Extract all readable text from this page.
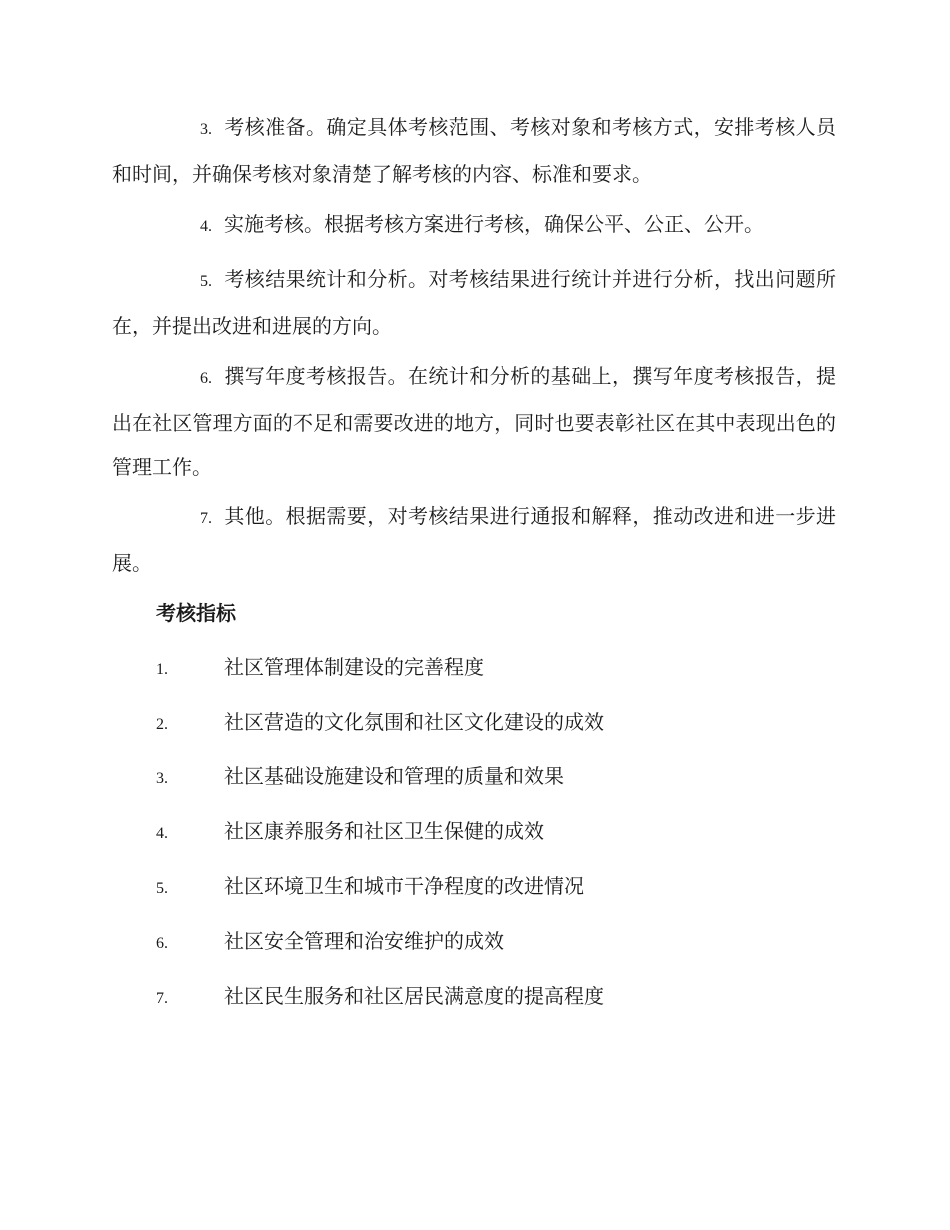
3. 考核准备。确定具体考核范围、考核对象和考核方式，安排考核人员和时间，并确保考核对象清楚了解考核的内容、标准和要求。
4. 实施考核。根据考核方案进行考核，确保公平、公正、公开。
5. 考核结果统计和分析。对考核结果进行统计并进行分析，找出问题所在，并提出改进和进展的方向。
6. 撰写年度考核报告。在统计和分析的基础上，撰写年度考核报告，提出在社区管理方面的不足和需要改进的地方，同时也要表彰社区在其中表现出色的管理工作。
7. 其他。根据需要，对考核结果进行通报和解释，推动改进和进一步进展。
考核指标
1.	社区管理体制建设的完善程度
2.	社区营造的文化氛围和社区文化建设的成效
3.	社区基础设施建设和管理的质量和效果
4.	社区康养服务和社区卫生保健的成效
5.	社区环境卫生和城市干净程度的改进情况
6.	社区安全管理和治安维护的成效
7.	社区民生服务和社区居民满意度的提高程度
